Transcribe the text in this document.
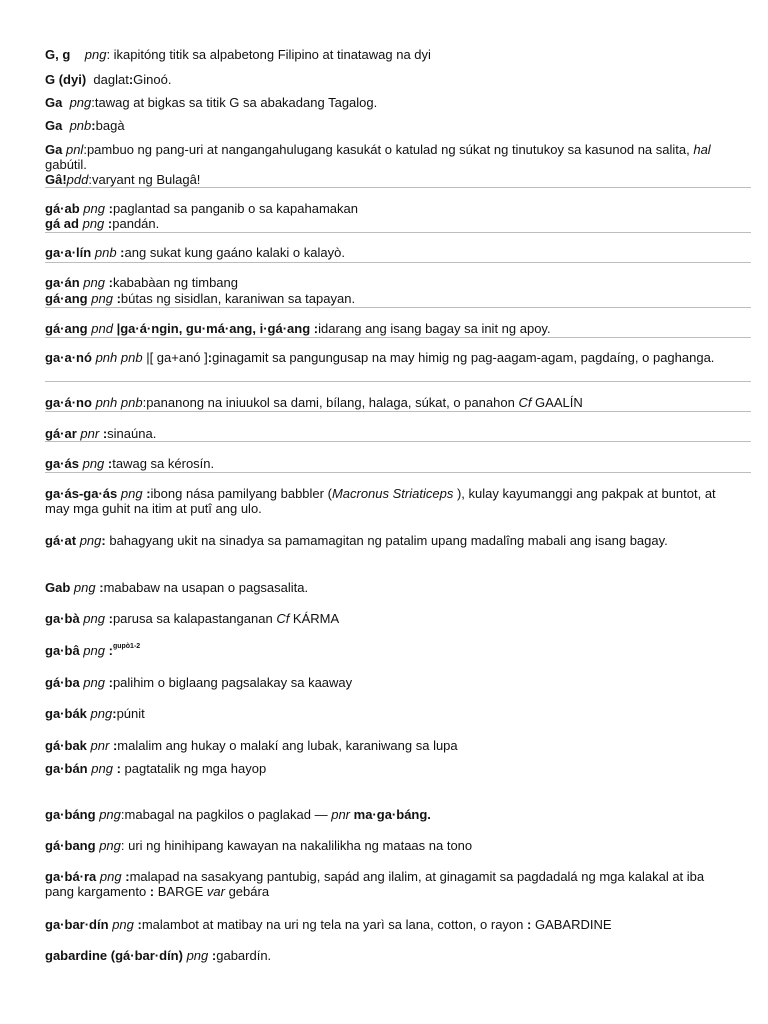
G, g png: ikapitóng titik sa alpabetong Filipino at tinatawag na dyi
G (dyi) daglat:Ginoó.
Ga png:tawag at bigkas sa titik G sa abakadang Tagalog.
Ga pnb:bagà
Ga pnl:pambuo ng pang-uri at nangangahulugang kasukát o katulad ng súkat ng tinutukoy sa kasunod na salita, hal gabútil.
Gâ!pdd:varyant ng Bulagâ!
gá·ab png :paglantad sa panganib o sa kapahamakan
gá ad png :pandán.
ga·a·lín pnb :ang sukat kung gaáno kalaki o kalayò.
ga·án png :kababàan ng timbang
gá·ang png :bútas ng sisidlan, karaniwan sa tapayan.
gá·ang pnd |ga·á·ngin, gu·má·ang, i·gá·ang :idarang ang isang bagay sa init ng apoy.
ga·a·nó pnh pnb |[ ga+anó ]:ginagamit sa pangungusap na may himig ng pag-aagam-agam, pagdaíng, o paghanga.
ga·á·no pnh pnb:pananong na iniuukol sa dami, bílang, halaga, súkat, o panahon Cf GAALÍN
gá·ar pnr :sinaúna.
ga·ás png :tawag sa kérosín.
ga·ás-ga·ás png :ibong nása pamilyang babbler (Macronus Striaticeps ), kulay kayumanggi ang pakpak at buntot, at may mga guhit na itim at putî ang ulo.
gá·at png: bahagyang ukit na sinadya sa pamamagitan ng patalim upang madalîng mabali ang isang bagay.
Gab png :mababaw na usapan o pagsasalita.
ga·bà png :parusa sa kalapastanganan Cf KÁRMA
ga·bâ png :$^{gupò1-2}$
gá·ba png :palihim o biglaang pagsalakay sa kaaway
ga·bák png:púnit
gá·bak pnr :malalim ang hukay o malakí ang lubak, karaniwang sa lupa
ga·bán png : pagtatalik ng mga hayop
ga·báng png:mabagal na pagkilos o paglakad — pnr ma·ga·báng.
gá·bang png: uri ng hinihipang kawayan na nakalilikha ng mataas na tono
ga·bá·ra png :malapad na sasakyang pantubig, sapád ang ilalim, at ginagamit sa pagdadalá ng mga kalakal at iba pang kargamento : BARGE var gebára
ga·bar·dín png :malambot at matibay na uri ng tela na yarì sa lana, cotton, o rayon : GABARDINE
gabardine (gá·bar·dín) png :gabardín.
